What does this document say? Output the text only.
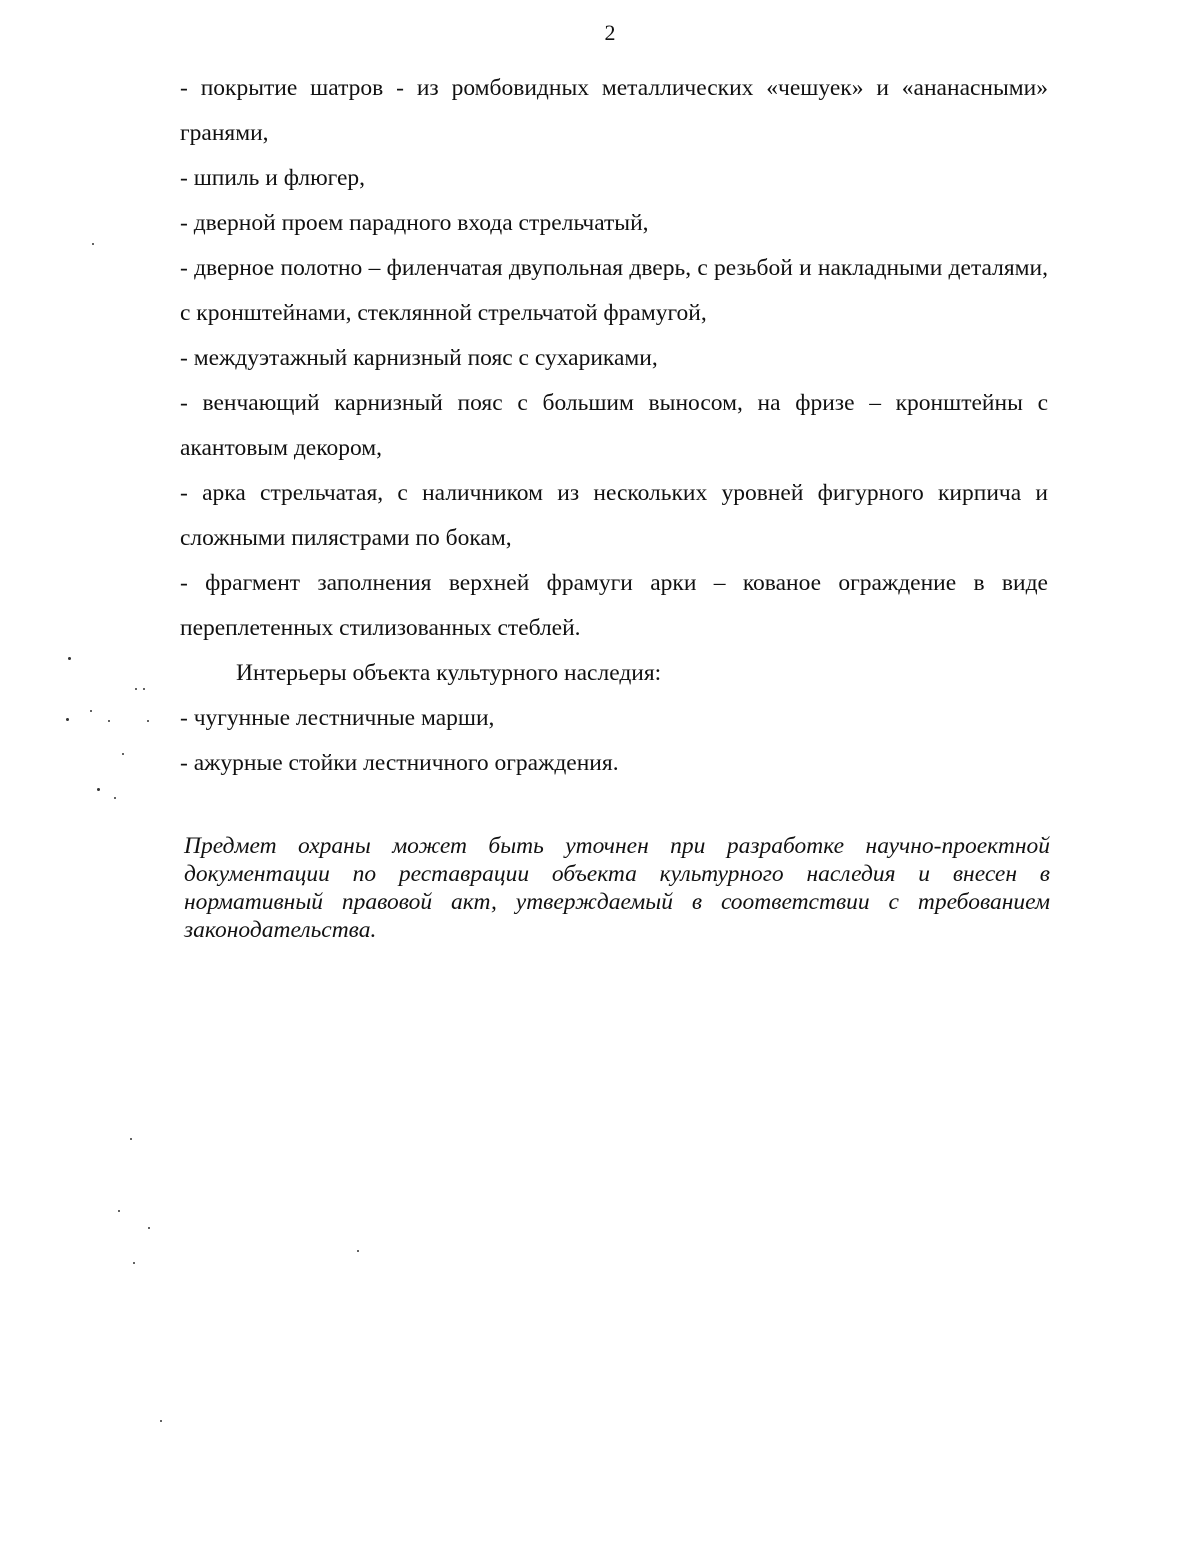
2

- покрытие шатров - из ромбовидных металлических «чешуек» и «ананасными» гранями,

- шпиль и флюгер,

- дверной проем парадного входа стрельчатый,

- дверное полотно – филенчатая двупольная дверь, с резьбой и накладными деталями, с кронштейнами, стеклянной стрельчатой фрамугой,

- междуэтажный карнизный пояс с сухариками,

- венчающий карнизный пояс с большим выносом, на фризе – кронштейны с акантовым декором,

- арка стрельчатая, с наличником из нескольких уровней фигурного кирпича и сложными пилястрами по бокам,

- фрагмент заполнения верхней фрамуги арки – кованое ограждение в виде переплетенных стилизованных стеблей.

Интерьеры объекта культурного наследия:

- чугунные лестничные марши,

- ажурные стойки лестничного ограждения.

Предмет охраны может быть уточнен при разработке научно-проектной документации по реставрации объекта культурного наследия и внесен в нормативный правовой акт, утверждаемый в соответствии с требованием законодательства.
